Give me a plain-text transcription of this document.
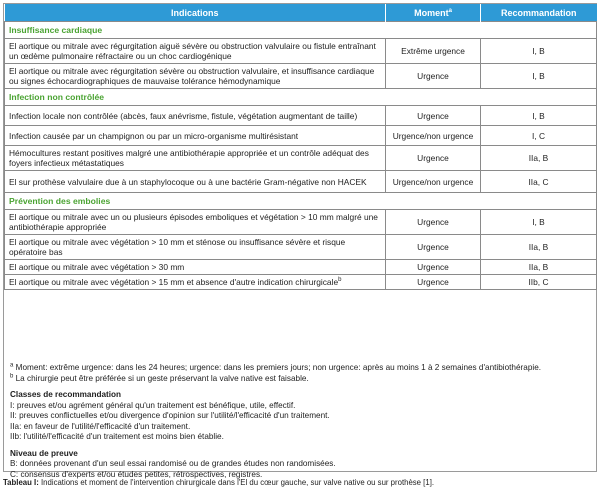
Indications	Moment$^a$	Recommandation
Insuffisance cardiaque		
El aortique ou mitrale avec régurgitation aiguë sévère ou obstruction valvulaire ou fistule entraînant un œdème pulmonaire réfractaire ou un choc cardiogénique	Extrême urgence	I, B
El aortique ou mitrale avec régurgitation sévère ou obstruction valvulaire, et insuffisance cardiaque ou signes échocardiographiques de mauvaise tolérance hémodynamique	Urgence	I, B
Infection non contrôlée		
Infection locale non contrôlée (abcès, faux anévrisme, fistule, végétation augmentant de taille)	Urgence	I, B
Infection causée par un champignon ou par un micro-organisme multirésistant	Urgence/non urgence	I, C
Hémocultures restant positives malgré une antibiothérapie appropriée et un contrôle adéquat des foyers infectieux métastatiques	Urgence	IIa, B
El sur prothèse valvulaire due à un staphylocoque ou à une bactérie Gram-négative non HACEK	Urgence/non urgence	IIa, C
Prévention des embolies		
El aortique ou mitrale avec un ou plusieurs épisodes emboliques et végétation > 10 mm malgré une antibiothérapie appropriée	Urgence	I, B
El aortique ou mitrale avec végétation > 10 mm et sténose ou insuffisance sévère et risque opératoire bas	Urgence	IIa, B
El aortique ou mitrale avec végétation > 30 mm	Urgence	IIa, B
El aortique ou mitrale avec végétation > 15 mm et absence d'autre indication chirurgicale$^b$	Urgence	IIb, C

$^a$ Moment: extrême urgence: dans les 24 heures; urgence: dans les premiers jours; non urgence: après au moins 1 à 2 semaines d'antibiothérapie.

$^b$ La chirurgie peut être préférée si un geste préservant la valve native est faisable.

Classes de recommandation

I: preuves et/ou agrément général qu'un traitement est bénéfique, utile, effectif.

II: preuves conflictuelles et/ou divergence d'opinion sur l'utilité/l'efficacité d'un traitement.

IIa: en faveur de l'utilité/l'efficacité d'un traitement.

IIb: l'utilité/l'efficacité d'un traitement est moins bien établie.

Niveau de preuve

B: données provenant d'un seul essai randomisé ou de grandes études non randomisées.

C: consensus d'experts et/ou études petites, rétrospectives, registres.

Tableau I: Indications et moment de l'intervention chirurgicale dans l'El du cœur gauche, sur valve native ou sur prothèse [1].
